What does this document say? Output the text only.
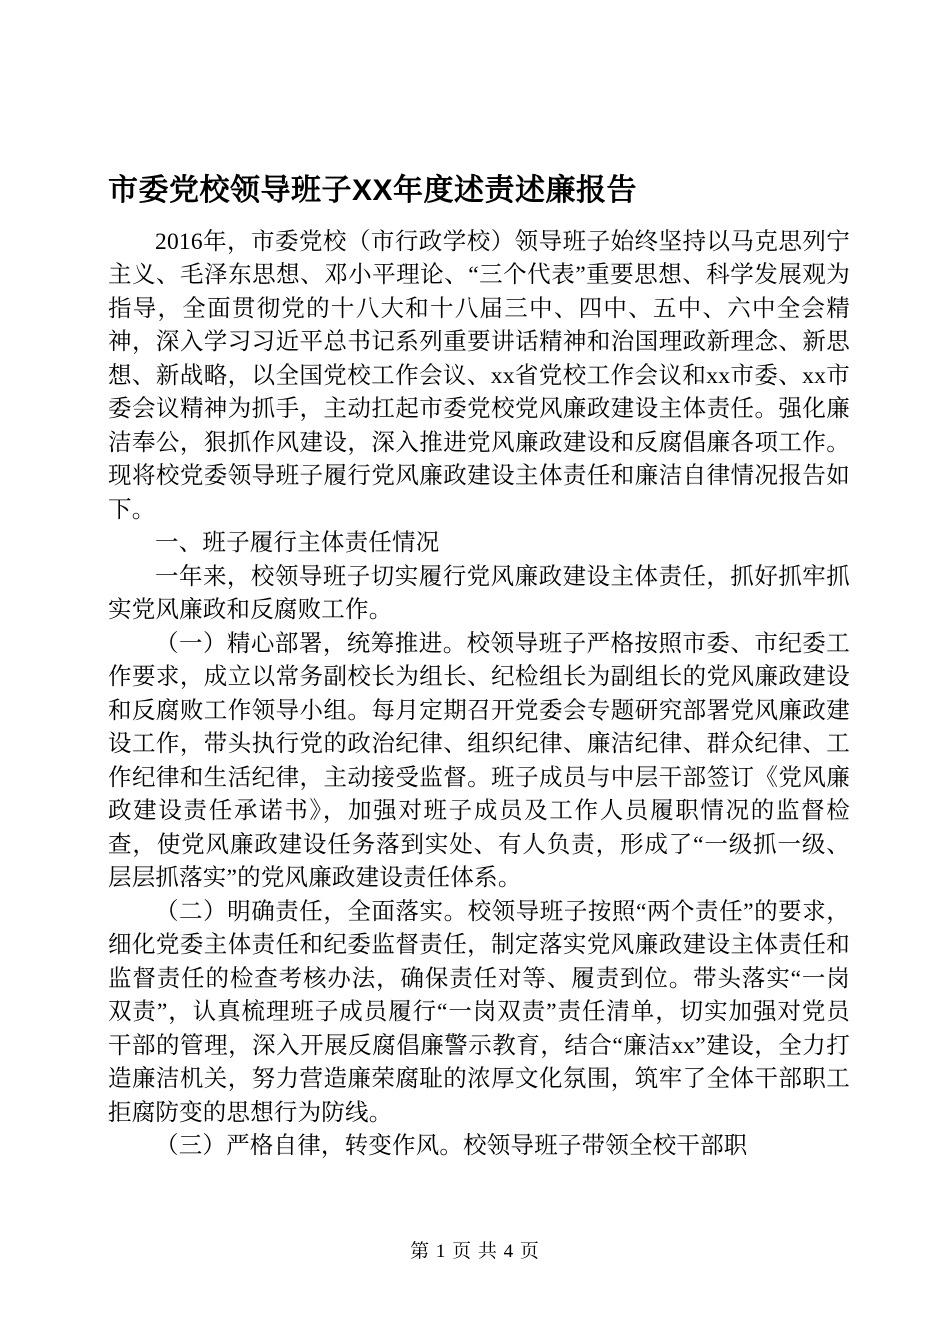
市委党校领导班子XX年度述责述廉报告

2016年，市委党校（市行政学校）领导班子始终坚持以马克思列宁主义、毛泽东思想、邓小平理论、“三个代表”重要思想、科学发展观为指导，全面贯彻党的十八大和十八届三中、四中、五中、六中全会精神，深入学习习近平总书记系列重要讲话精神和治国理政新理念、新思想、新战略，以全国党校工作会议、xx省党校工作会议和xx市委、xx市委会议精神为抓手，主动扛起市委党校党风廉政建设主体责任。强化廉洁奉公，狠抓作风建设，深入推进党风廉政建设和反腐倡廉各项工作。现将校党委领导班子履行党风廉政建设主体责任和廉洁自律情况报告如下。

一、班子履行主体责任情况

一年来，校领导班子切实履行党风廉政建设主体责任，抓好抓牢抓实党风廉政和反腐败工作。

（一）精心部署，统筹推进。校领导班子严格按照市委、市纪委工作要求，成立以常务副校长为组长、纪检组长为副组长的党风廉政建设和反腐败工作领导小组。每月定期召开党委会专题研究部署党风廉政建设工作，带头执行党的政治纪律、组织纪律、廉洁纪律、群众纪律、工作纪律和生活纪律，主动接受监督。班子成员与中层干部签订《党风廉政建设责任承诺书》，加强对班子成员及工作人员履职情况的监督检查，使党风廉政建设任务落到实处、有人负责，形成了“一级抓一级、层层抓落实”的党风廉政建设责任体系。

（二）明确责任，全面落实。校领导班子按照“两个责任”的要求，细化党委主体责任和纪委监督责任，制定落实党风廉政建设主体责任和监督责任的检查考核办法，确保责任对等、履责到位。带头落实“一岗双责”，认真梳理班子成员履行“一岗双责”责任清单，切实加强对党员干部的管理，深入开展反腐倡廉警示教育，结合“廉洁xx”建设，全力打造廉洁机关，努力营造廉荣腐耻的浓厚文化氛围，筑牢了全体干部职工拒腐防变的思想行为防线。

（三）严格自律，转变作风。校领导班子带领全校干部职

第 1 页 共 4 页
